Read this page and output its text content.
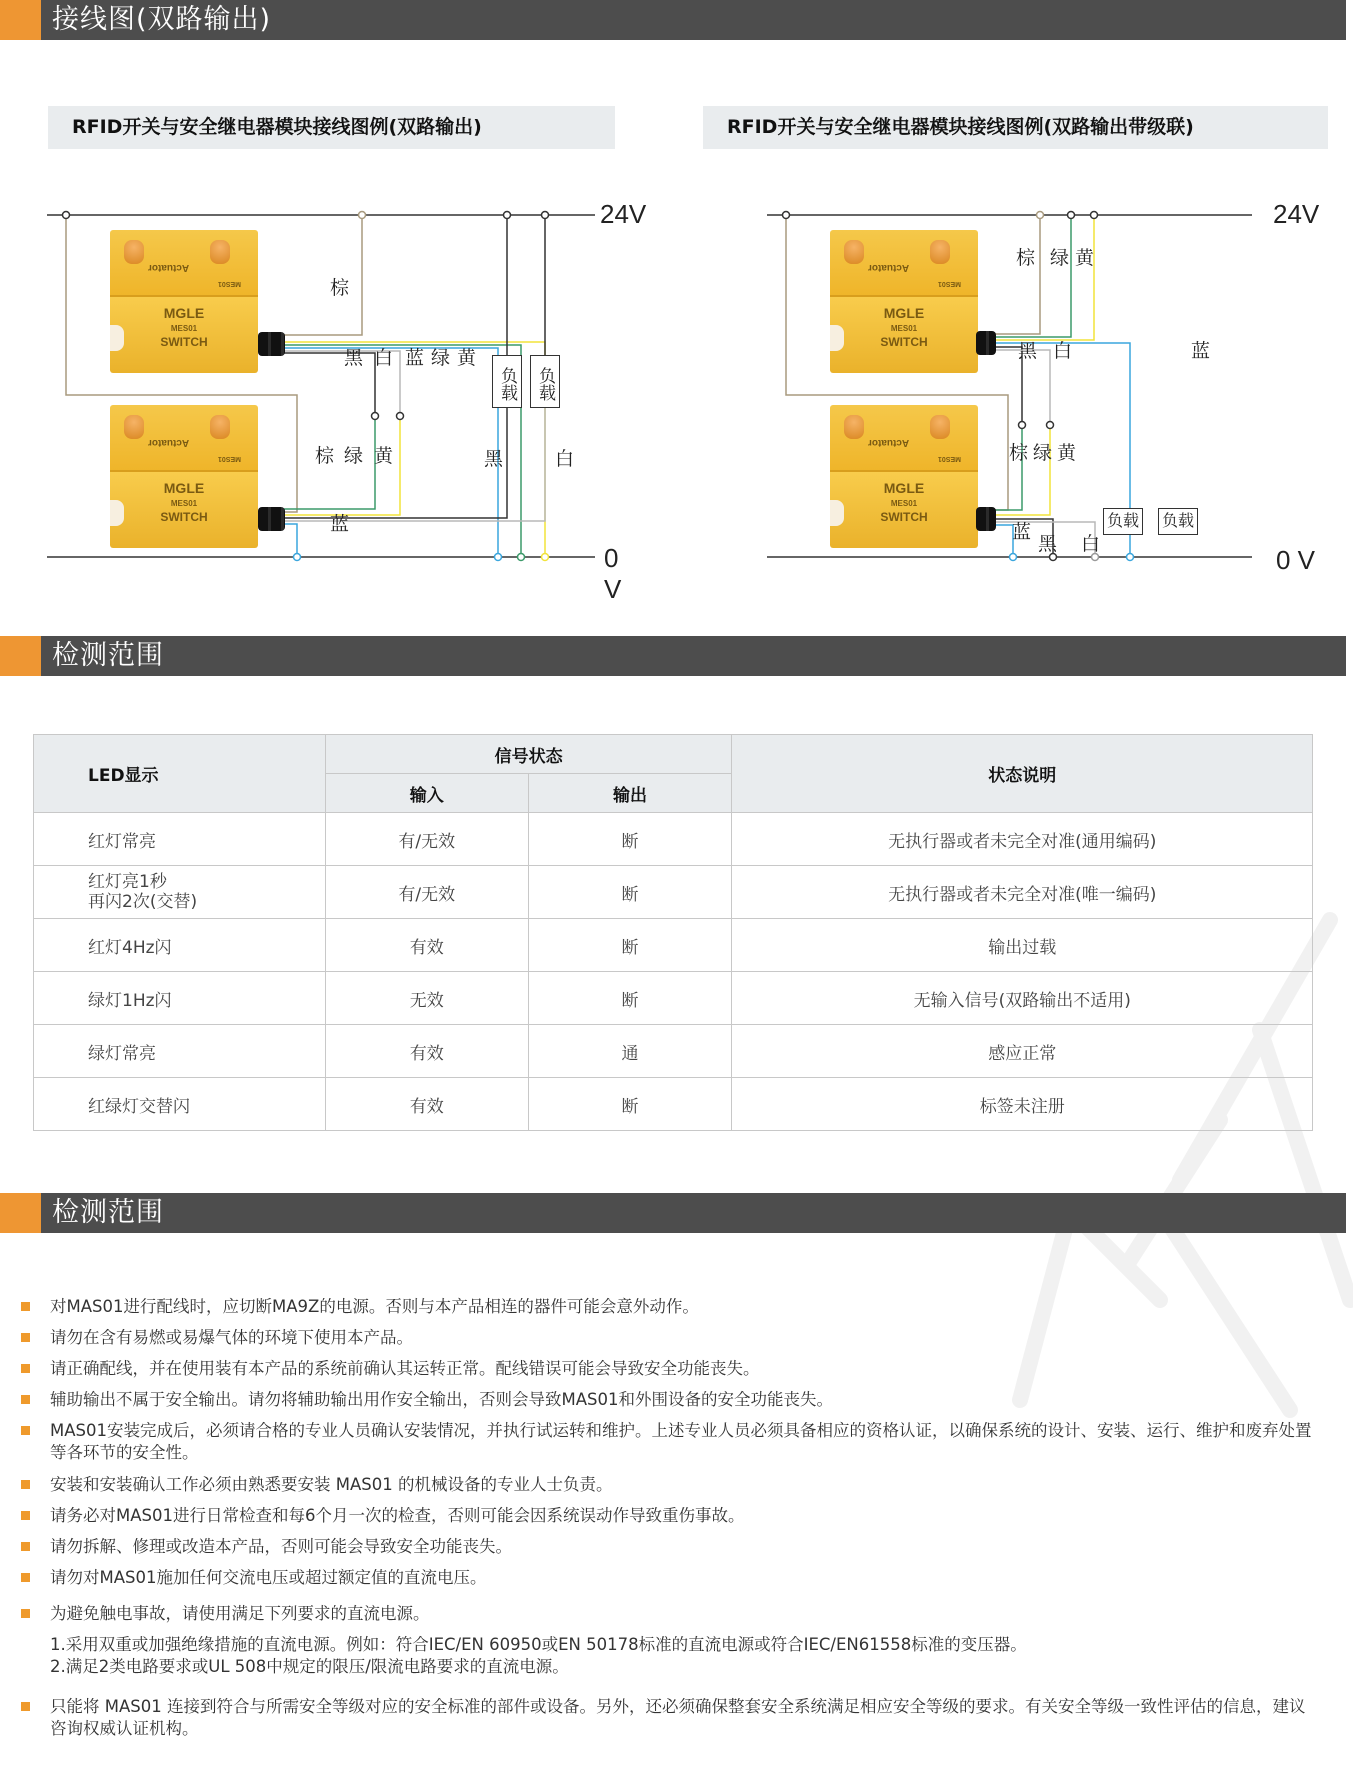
接线图(双路输出)
RFID开关与安全继电器模块接线图例(双路输出)	RFID开关与安全继电器模块接线图例(双路输出带级联)
Actuator
MES01
MGLE
MES01
SWITCH
Actuator
MES01
MGLE
MES01
SWITCH
24V
0 V
棕
黑 白 蓝 绿 黄
棕 绿 黄
蓝
黑	白
负载 负载
Actuator
MES01
MGLE
MES01
SWITCH
Actuator
MES01
MGLE
MES01
SWITCH
24V
0 V
棕 绿 黄
黑 白	蓝
棕 绿 黄
蓝
黑 白
负载 负载
检测范围
LED显示	信号状态		状态说明
	输入	输出	
红灯常亮	有/无效	断	无执行器或者未完全对准(通用编码)

红灯亮1秒
再闪2次(交替)	有/无效	断	无执行器或者未完全对准(唯一编码)
红灯4Hz闪	有效	断	输出过载
绿灯1Hz闪	无效	断	无输入信号(双路输出不适用)
绿灯常亮	有效	通	感应正常
红绿灯交替闪	有效	断	标签未注册
检测范围
对MAS01进行配线时，应切断MA9Z的电源。否则与本产品相连的器件可能会意外动作。
请勿在含有易燃或易爆气体的环境下使用本产品。
请正确配线，并在使用装有本产品的系统前确认其运转正常。配线错误可能会导致安全功能丧失。
辅助输出不属于安全输出。请勿将辅助输出用作安全输出，否则会导致MAS01和外围设备的安全功能丧失。
MAS01安装完成后，必须请合格的专业人员确认安装情况，并执行试运转和维护。上述专业人员必须具备相应的资格认证，以确保系统的设计、安装、运行、维护和废弃处置等各环节的安全性。
安装和安装确认工作必须由熟悉要安装 MAS01 的机械设备的专业人士负责。
请务必对MAS01进行日常检查和每6个月一次的检查，否则可能会因系统误动作导致重伤事故。
请勿拆解、修理或改造本产品，否则可能会导致安全功能丧失。
请勿对MAS01施加任何交流电压或超过额定值的直流电压。
为避免触电事故，请使用满足下列要求的直流电源。
1.采用双重或加强绝缘措施的直流电源。例如：符合IEC/EN 60950或EN 50178标准的直流电源或符合IEC/EN61558标准的变压器。
2.满足2类电路要求或UL 508中规定的限压/限流电路要求的直流电源。
只能将 MAS01 连接到符合与所需安全等级对应的安全标准的部件或设备。另外，还必须确保整套安全系统满足相应安全等级的要求。有关安全等级一致性评估的信息，建议咨询权威认证机构。
